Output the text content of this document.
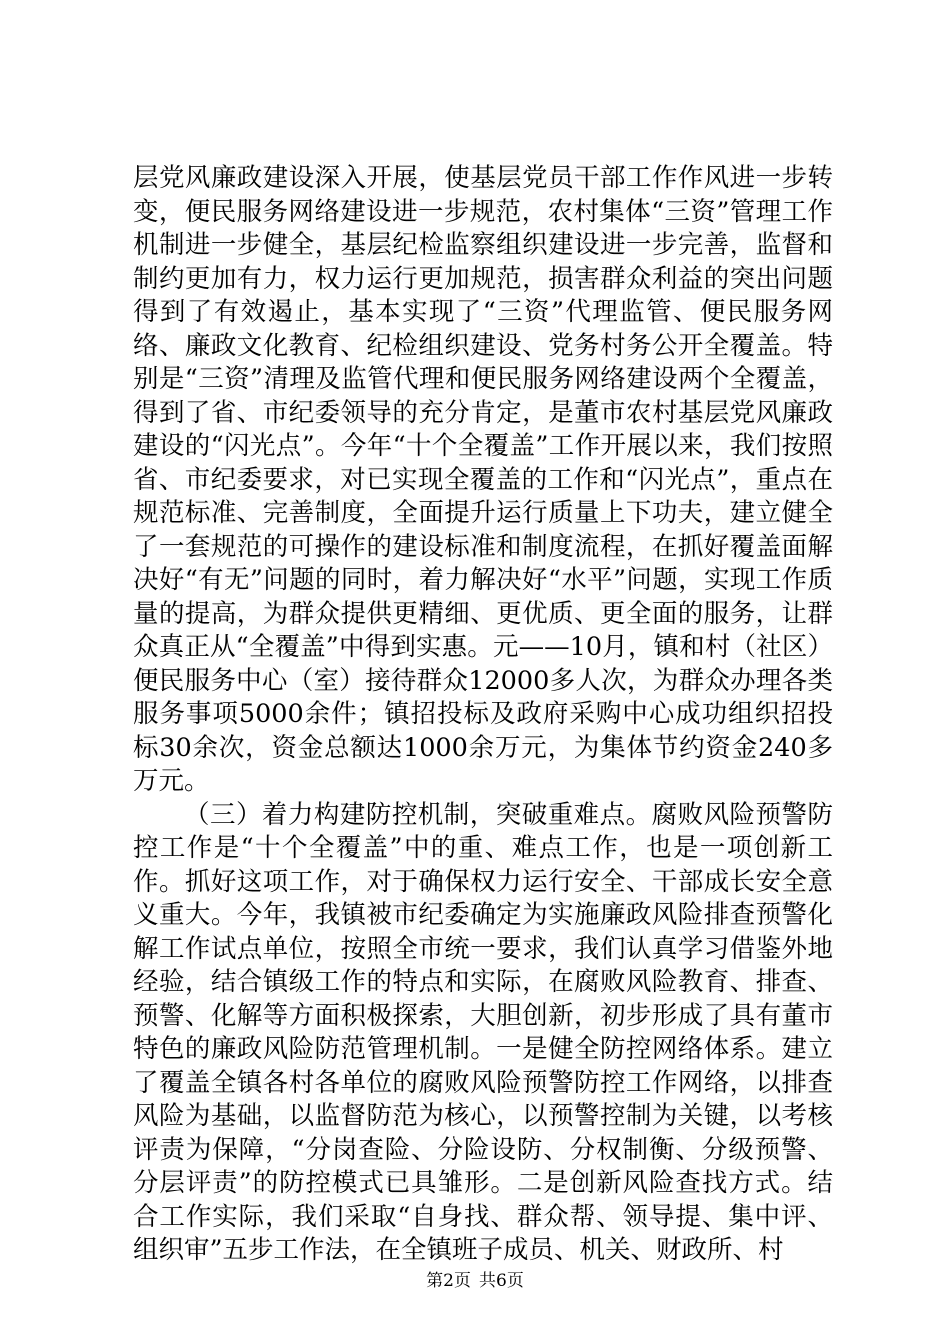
层党风廉政建设深入开展，使基层党员干部工作作风进一步转变，便民服务网络建设进一步规范，农村集体“三资”管理工作机制进一步健全，基层纪检监察组织建设进一步完善，监督和制约更加有力，权力运行更加规范，损害群众利益的突出问题得到了有效遏止，基本实现了“三资”代理监管、便民服务网络、廉政文化教育、纪检组织建设、党务村务公开全覆盖。特别是“三资”清理及监管代理和便民服务网络建设两个全覆盖，得到了省、市纪委领导的充分肯定，是董市农村基层党风廉政建设的“闪光点”。今年“十个全覆盖”工作开展以来，我们按照省、市纪委要求，对已实现全覆盖的工作和“闪光点”，重点在规范标准、完善制度，全面提升运行质量上下功夫，建立健全了一套规范的可操作的建设标准和制度流程，在抓好覆盖面解决好“有无”问题的同时，着力解决好“水平”问题，实现工作质量的提高，为群众提供更精细、更优质、更全面的服务，让群众真正从“全覆盖”中得到实惠。元——10月，镇和村（社区）便民服务中心（室）接待群众12000多人次，为群众办理各类服务事项5000余件；镇招投标及政府采购中心成功组织招投标30余次，资金总额达1000余万元，为集体节约资金240多万元。

（三）着力构建防控机制，突破重难点。腐败风险预警防控工作是“十个全覆盖”中的重、难点工作，也是一项创新工作。抓好这项工作，对于确保权力运行安全、干部成长安全意义重大。今年，我镇被市纪委确定为实施廉政风险排查预警化解工作试点单位，按照全市统一要求，我们认真学习借鉴外地经验，结合镇级工作的特点和实际，在腐败风险教育、排查、预警、化解等方面积极探索，大胆创新，初步形成了具有董市特色的廉政风险防范管理机制。一是健全防控网络体系。建立了覆盖全镇各村各单位的腐败风险预警防控工作网络，以排查风险为基础，以监督防范为核心，以预警控制为关键，以考核评责为保障，“分岗查险、分险设防、分权制衡、分级预警、分层评责”的防控模式已具雏形。二是创新风险查找方式。结合工作实际，我们采取“自身找、群众帮、领导提、集中评、组织审”五步工作法，在全镇班子成员、机关、财政所、村

第2页 共6页
